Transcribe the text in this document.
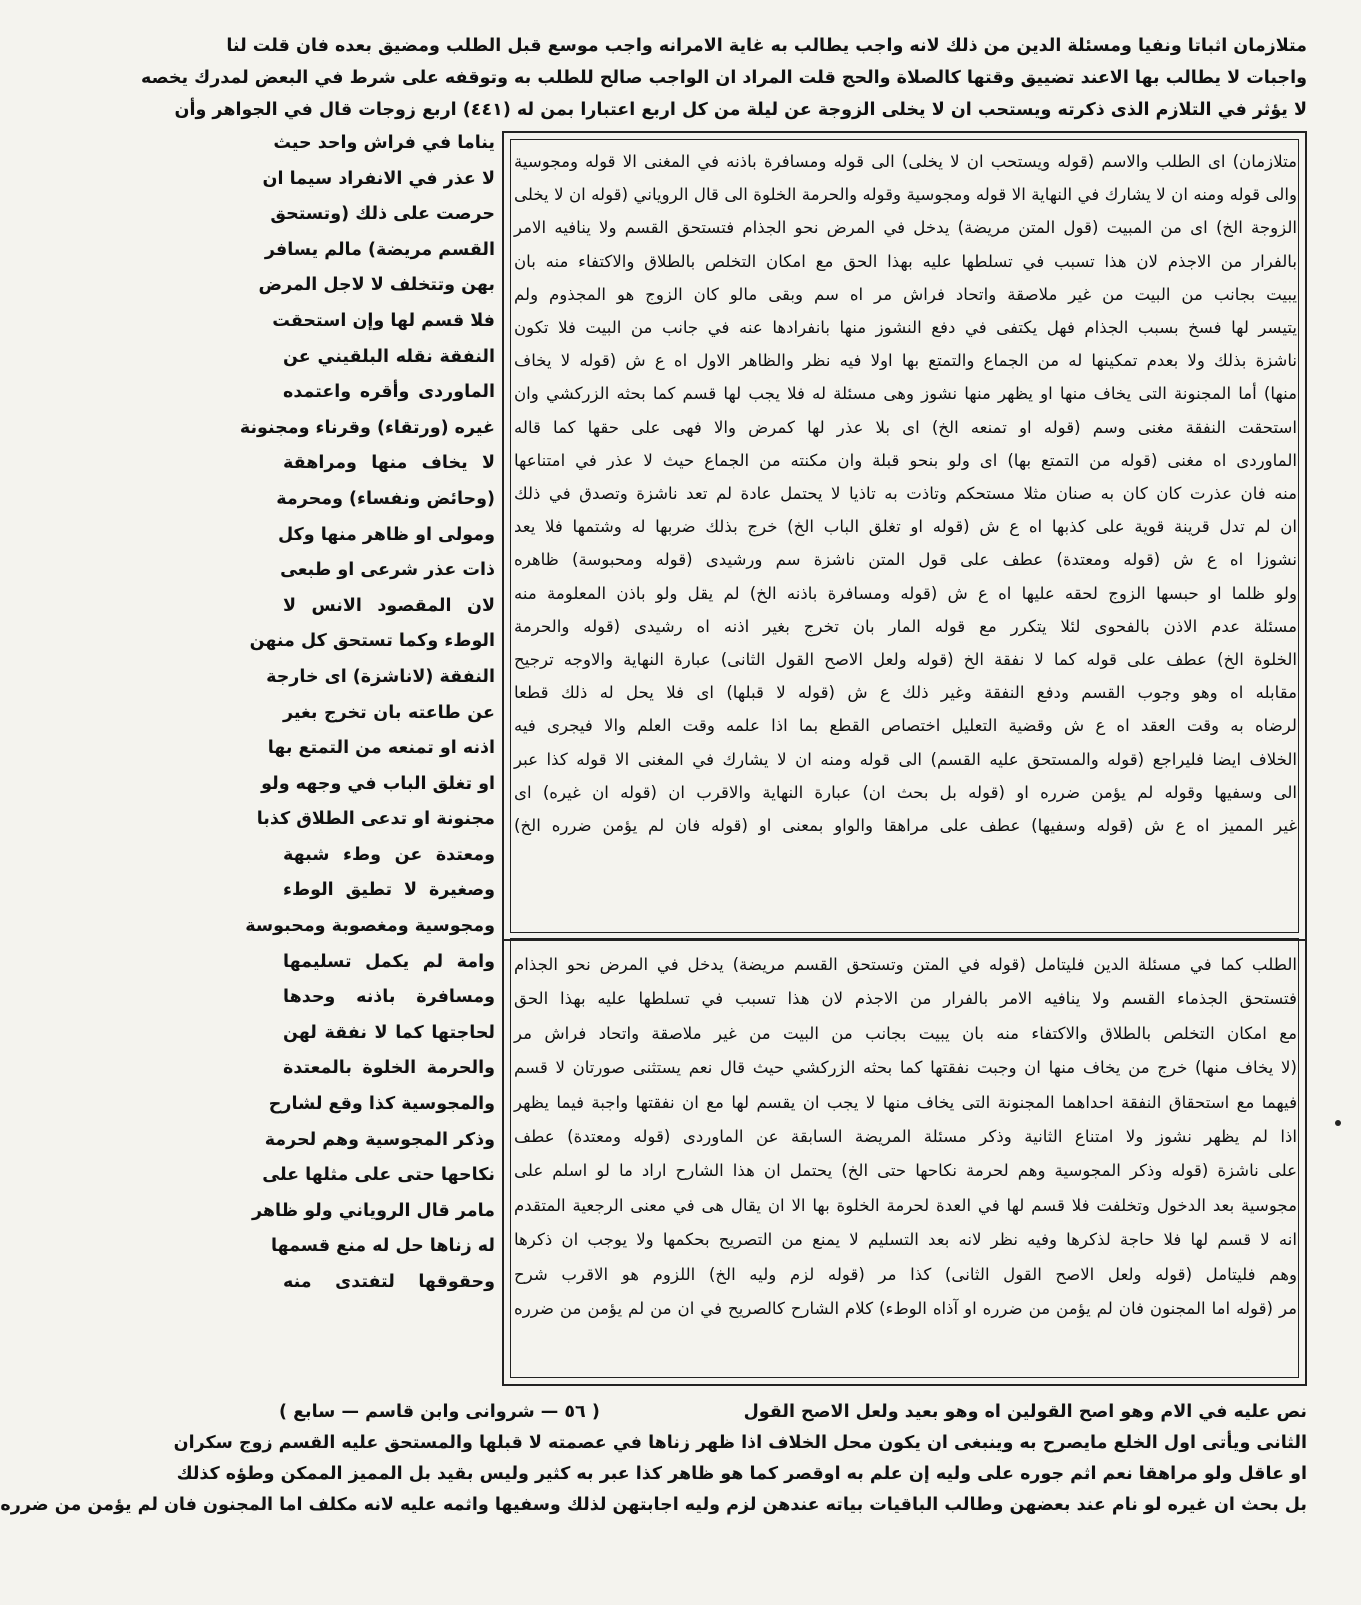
متلازمان اثباتا ونفيا ومسئلة الدين من ذلك لانه واجب يطالب به غاية الامرانه واجب موسع قبل الطلب ومضيق بعده فان قلت لنا
واجبات لا يطالب بها الاعند تضييق وقتها كالصلاة والحج قلت المراد ان الواجب صالح للطلب به وتوقفه على شرط في البعض لمدرك يخصه
لا يؤثر في التلازم الذى ذكرته ويستحب ان لا يخلى الزوجة عن ليلة من كل اربع اعتبارا بمن له (٤٤١) اربع زوجات قال في الجواهر وأن
يناما في فراش واحد حيث
لا عذر في الانفراد سيما ان
حرصت على ذلك (وتستحق
القسم مريضة) مالم يسافر
بهن وتتخلف لا لاجل المرض
فلا قسم لها وإن استحقت
النفقة نقله البلقيني عن
الماوردى وأقره واعتمده
غيره (ورتقاء) وقرناء ومجنونة
لا يخاف منها ومراهقة
(وحائض ونفساء) ومحرمة
ومولى او ظاهر منها وكل
ذات عذر شرعى او طبعى
لان المقصود الانس لا
الوطء وكما تستحق كل منهن
النفقة (لاناشزة) اى خارجة
عن طاعته بان تخرج بغير
اذنه او تمنعه من التمتع بها
او تغلق الباب في وجهه ولو
مجنونة او تدعى الطلاق كذبا
ومعتدة عن وطء شبهة
وصغيرة لا تطيق الوطء
ومجوسية ومغصوبة ومحبوسة
وامة لم يكمل تسليمها
ومسافرة باذنه وحدها
لحاجتها كما لا نفقة لهن
والحرمة الخلوة بالمعتدة
والمجوسية كذا وقع لشارح
وذكر المجوسية وهم لحرمة
نكاحها حتى على مثلها على
مامر قال الروياني ولو ظاهر
له زناها حل له منع قسمها
وحقوقها لتفتدى منه
متلازمان) اى الطلب والاسم (قوله ويستحب ان لا يخلى) الى قوله ومسافرة باذنه في المغنى الا قوله ومجوسية
والى قوله ومنه ان لا يشارك في النهاية الا قوله ومجوسية وقوله والحرمة الخلوة الى قال الروياني (قوله ان لا يخلى
الزوجة الخ) اى من المبيت (قول المتن مريضة) يدخل في المرض نحو الجذام فتستحق القسم ولا ينافيه الامر
بالفرار من الاجذم لان هذا تسبب في تسلطها عليه بهذا الحق مع امكان التخلص بالطلاق والاكتفاء منه بان
يبيت بجانب من البيت من غير ملاصقة واتحاد فراش مر اه سم وبقى مالو كان الزوج هو المجذوم ولم
يتيسر لها فسخ بسبب الجذام فهل يكتفى في دفع النشوز منها بانفرادها عنه في جانب من البيت فلا تكون
ناشزة بذلك ولا بعدم تمكينها له من الجماع والتمتع بها اولا فيه نظر والظاهر الاول اه ع ش (قوله لا يخاف
منها) أما المجنونة التى يخاف منها او يظهر منها نشوز وهى مسئلة له فلا يجب لها قسم كما بحثه الزركشي وان
استحقت النفقة مغنى وسم (قوله او تمنعه الخ) اى بلا عذر لها كمرض والا فهى على حقها كما قاله
الماوردى اه مغنى (قوله من التمتع بها) اى ولو بنحو قبلة وان مكنته من الجماع حيث لا عذر في امتناعها
منه فان عذرت كان كان به صنان مثلا مستحكم وتاذت به تاذيا لا يحتمل عادة لم تعد ناشزة وتصدق في ذلك
ان لم تدل قرينة قوية على كذبها اه ع ش (قوله او تغلق الباب الخ) خرج بذلك ضربها له وشتمها فلا يعد
نشوزا اه ع ش (قوله ومعتدة) عطف على قول المتن ناشزة سم ورشيدى (قوله ومحبوسة) ظاهره
ولو ظلما او حبسها الزوج لحقه عليها اه ع ش (قوله ومسافرة باذنه الخ) لم يقل ولو باذن المعلومة منه
مسئلة عدم الاذن بالفحوى لئلا يتكرر مع قوله المار بان تخرج بغير اذنه اه رشيدى (قوله والحرمة
الخلوة الخ) عطف على قوله كما لا نفقة الخ (قوله ولعل الاصح القول الثانى) عبارة النهاية والاوجه ترجيح
مقابله اه وهو وجوب القسم ودفع النفقة وغير ذلك ع ش (قوله لا قبلها) اى فلا يحل له ذلك قطعا
لرضاه به وقت العقد اه ع ش وقضية التعليل اختصاص القطع بما اذا علمه وقت العلم والا فيجرى فيه
الخلاف ايضا فليراجع (قوله والمستحق عليه القسم) الى قوله ومنه ان لا يشارك في المغنى الا قوله كذا عبر
الى وسفيها وقوله لم يؤمن ضرره او (قوله بل بحث ان) عبارة النهاية والاقرب ان (قوله ان غيره) اى
غير المميز اه ع ش (قوله وسفيها) عطف على مراهقا والواو بمعنى او (قوله فان لم يؤمن ضرره الخ)
الطلب كما في مسئلة الدين فليتامل (قوله في المتن وتستحق القسم مريضة) يدخل في المرض نحو الجذام
فتستحق الجذماء القسم ولا ينافيه الامر بالفرار من الاجذم لان هذا تسبب في تسلطها عليه بهذا الحق
مع امكان التخلص بالطلاق والاكتفاء منه بان يبيت بجانب من البيت من غير ملاصقة واتحاد فراش مر
(لا يخاف منها) خرج من يخاف منها ان وجبت نفقتها كما بحثه الزركشي حيث قال نعم يستثنى صورتان لا قسم
فيهما مع استحقاق النفقة احداهما المجنونة التى يخاف منها لا يجب ان يقسم لها مع ان نفقتها واجبة فيما يظهر
اذا لم يظهر نشوز ولا امتناع الثانية وذكر مسئلة المريضة السابقة عن الماوردى (قوله ومعتدة) عطف
على ناشزة (قوله وذكر المجوسية وهم لحرمة نكاحها حتى الخ) يحتمل ان هذا الشارح اراد ما لو اسلم على
مجوسية بعد الدخول وتخلفت فلا قسم لها في العدة لحرمة الخلوة بها الا ان يقال هى في معنى الرجعية المتقدم
انه لا قسم لها فلا حاجة لذكرها وفيه نظر لانه بعد التسليم لا يمنع من التصريح بحكمها ولا يوجب ان ذكرها
وهم فليتامل (قوله ولعل الاصح القول الثانى) كذا مر (قوله لزم وليه الخ) اللزوم هو الاقرب شرح
مر (قوله اما المجنون فان لم يؤمن من ضرره او آذاه الوطء) كلام الشارح كالصريح في ان من لم يؤمن من ضرره
نص عليه في الام وهو اصح القولين اه وهو بعيد ولعل الاصح القول
( ٥٦ — شروانى وابن قاسم — سابع )
الثانى ويأتى اول الخلع مايصرح به وينبغى ان يكون محل الخلاف اذا ظهر زناها في عصمته لا قبلها والمستحق عليه القسم زوج سكران
او عاقل ولو مراهقا نعم اثم جوره على وليه إن علم به اوقصر كما هو ظاهر كذا عبر به كثير وليس بقيد بل المميز الممكن وطؤه كذلك
بل بحث ان غيره لو نام عند بعضهن وطالب الباقيات بياته عندهن لزم وليه اجابتهن لذلك وسفيها واثمه عليه لانه مكلف اما المجنون فان لم يؤمن من ضرره
